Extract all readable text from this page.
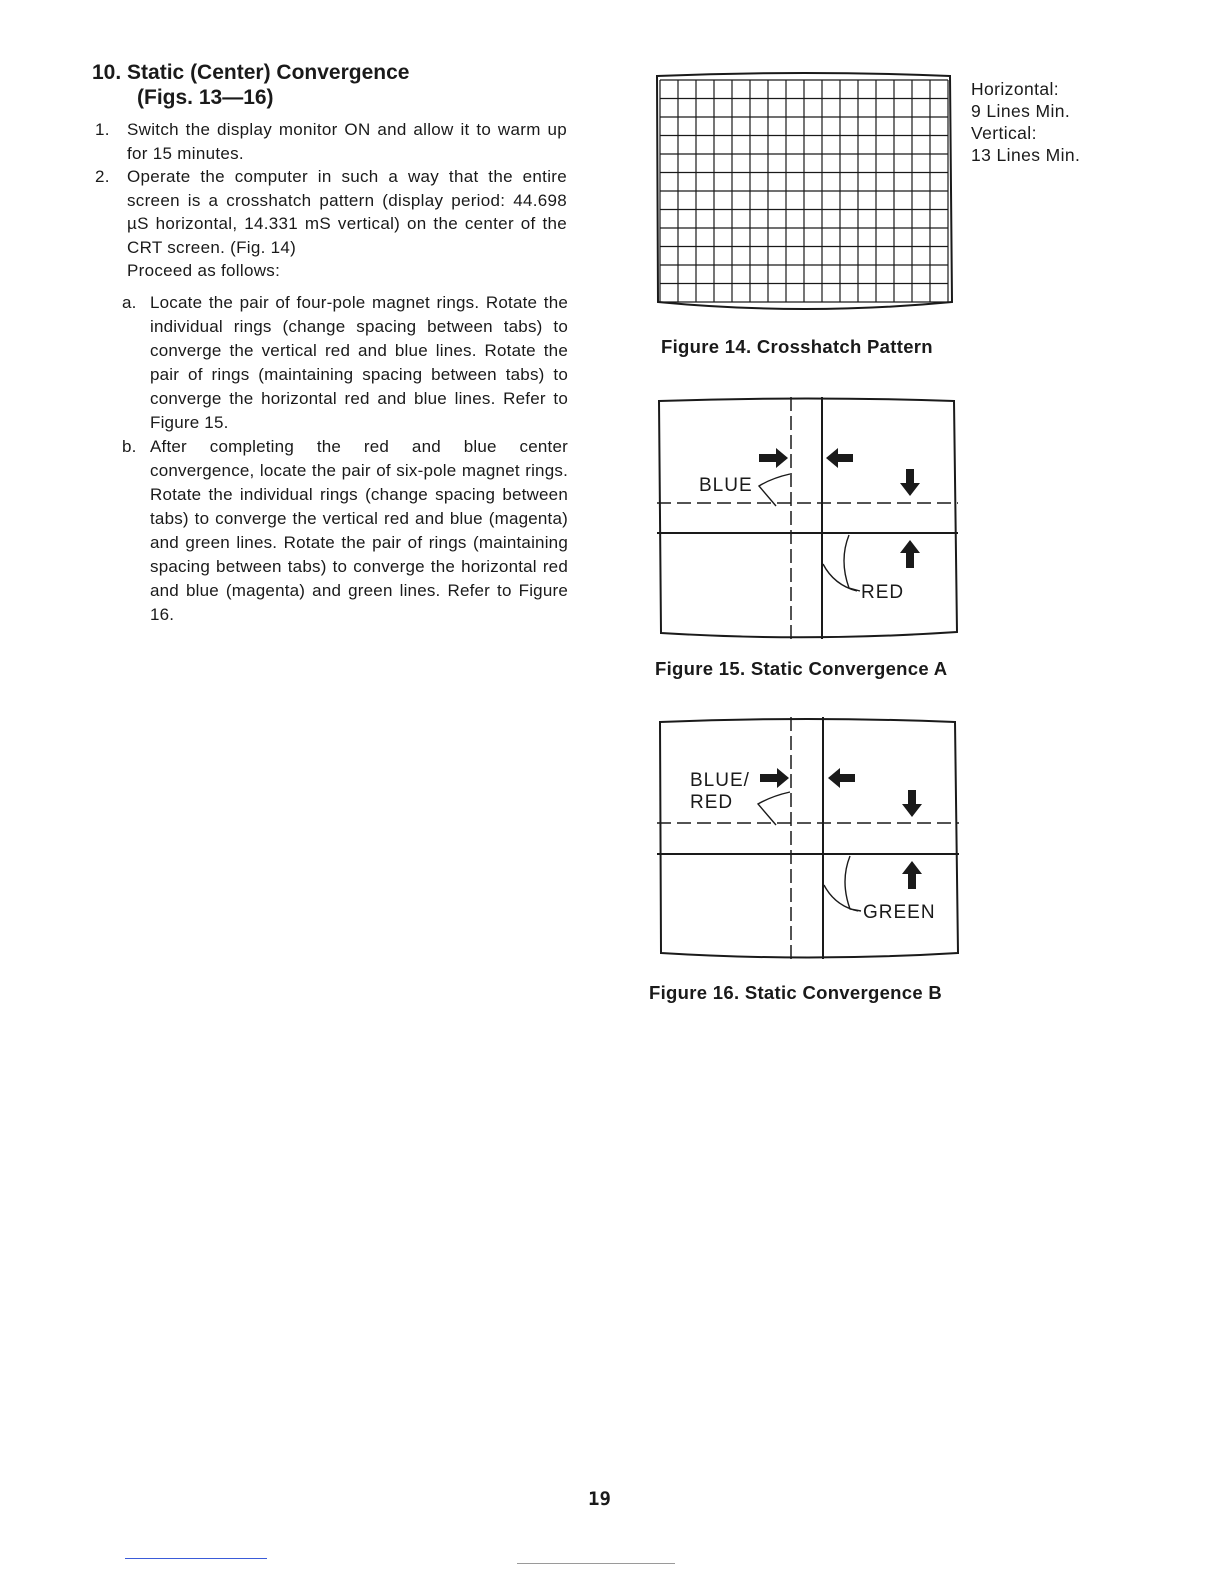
10. Static (Center) Convergence
(Figs. 13—16)
1. Switch the display monitor ON and allow it to warm up for 15 minutes.
2. Operate the computer in such a way that the entire screen is a crosshatch pattern (display period: 44.698 µS horizontal, 14.331 mS vertical) on the center of the CRT screen. (Fig. 14)
Proceed as follows:
a. Locate the pair of four-pole magnet rings. Rotate the individual rings (change spacing between tabs) to converge the vertical red and blue lines. Rotate the pair of rings (maintaining spacing between tabs) to converge the horizontal red and blue lines. Refer to Figure 15.
b. After completing the red and blue center convergence, locate the pair of six-pole magnet rings. Rotate the individual rings (change spacing between tabs) to converge the vertical red and blue (magenta) and green lines. Rotate the pair of rings (maintaining spacing between tabs) to converge the horizontal red and blue (magenta) and green lines. Refer to Figure 16.
Horizontal:
9 Lines Min.
Vertical:
13 Lines Min.
Figure 14. Crosshatch Pattern
BLUE
RED
Figure 15. Static Convergence A
BLUE/
RED
GREEN
Figure 16. Static Convergence B
19
